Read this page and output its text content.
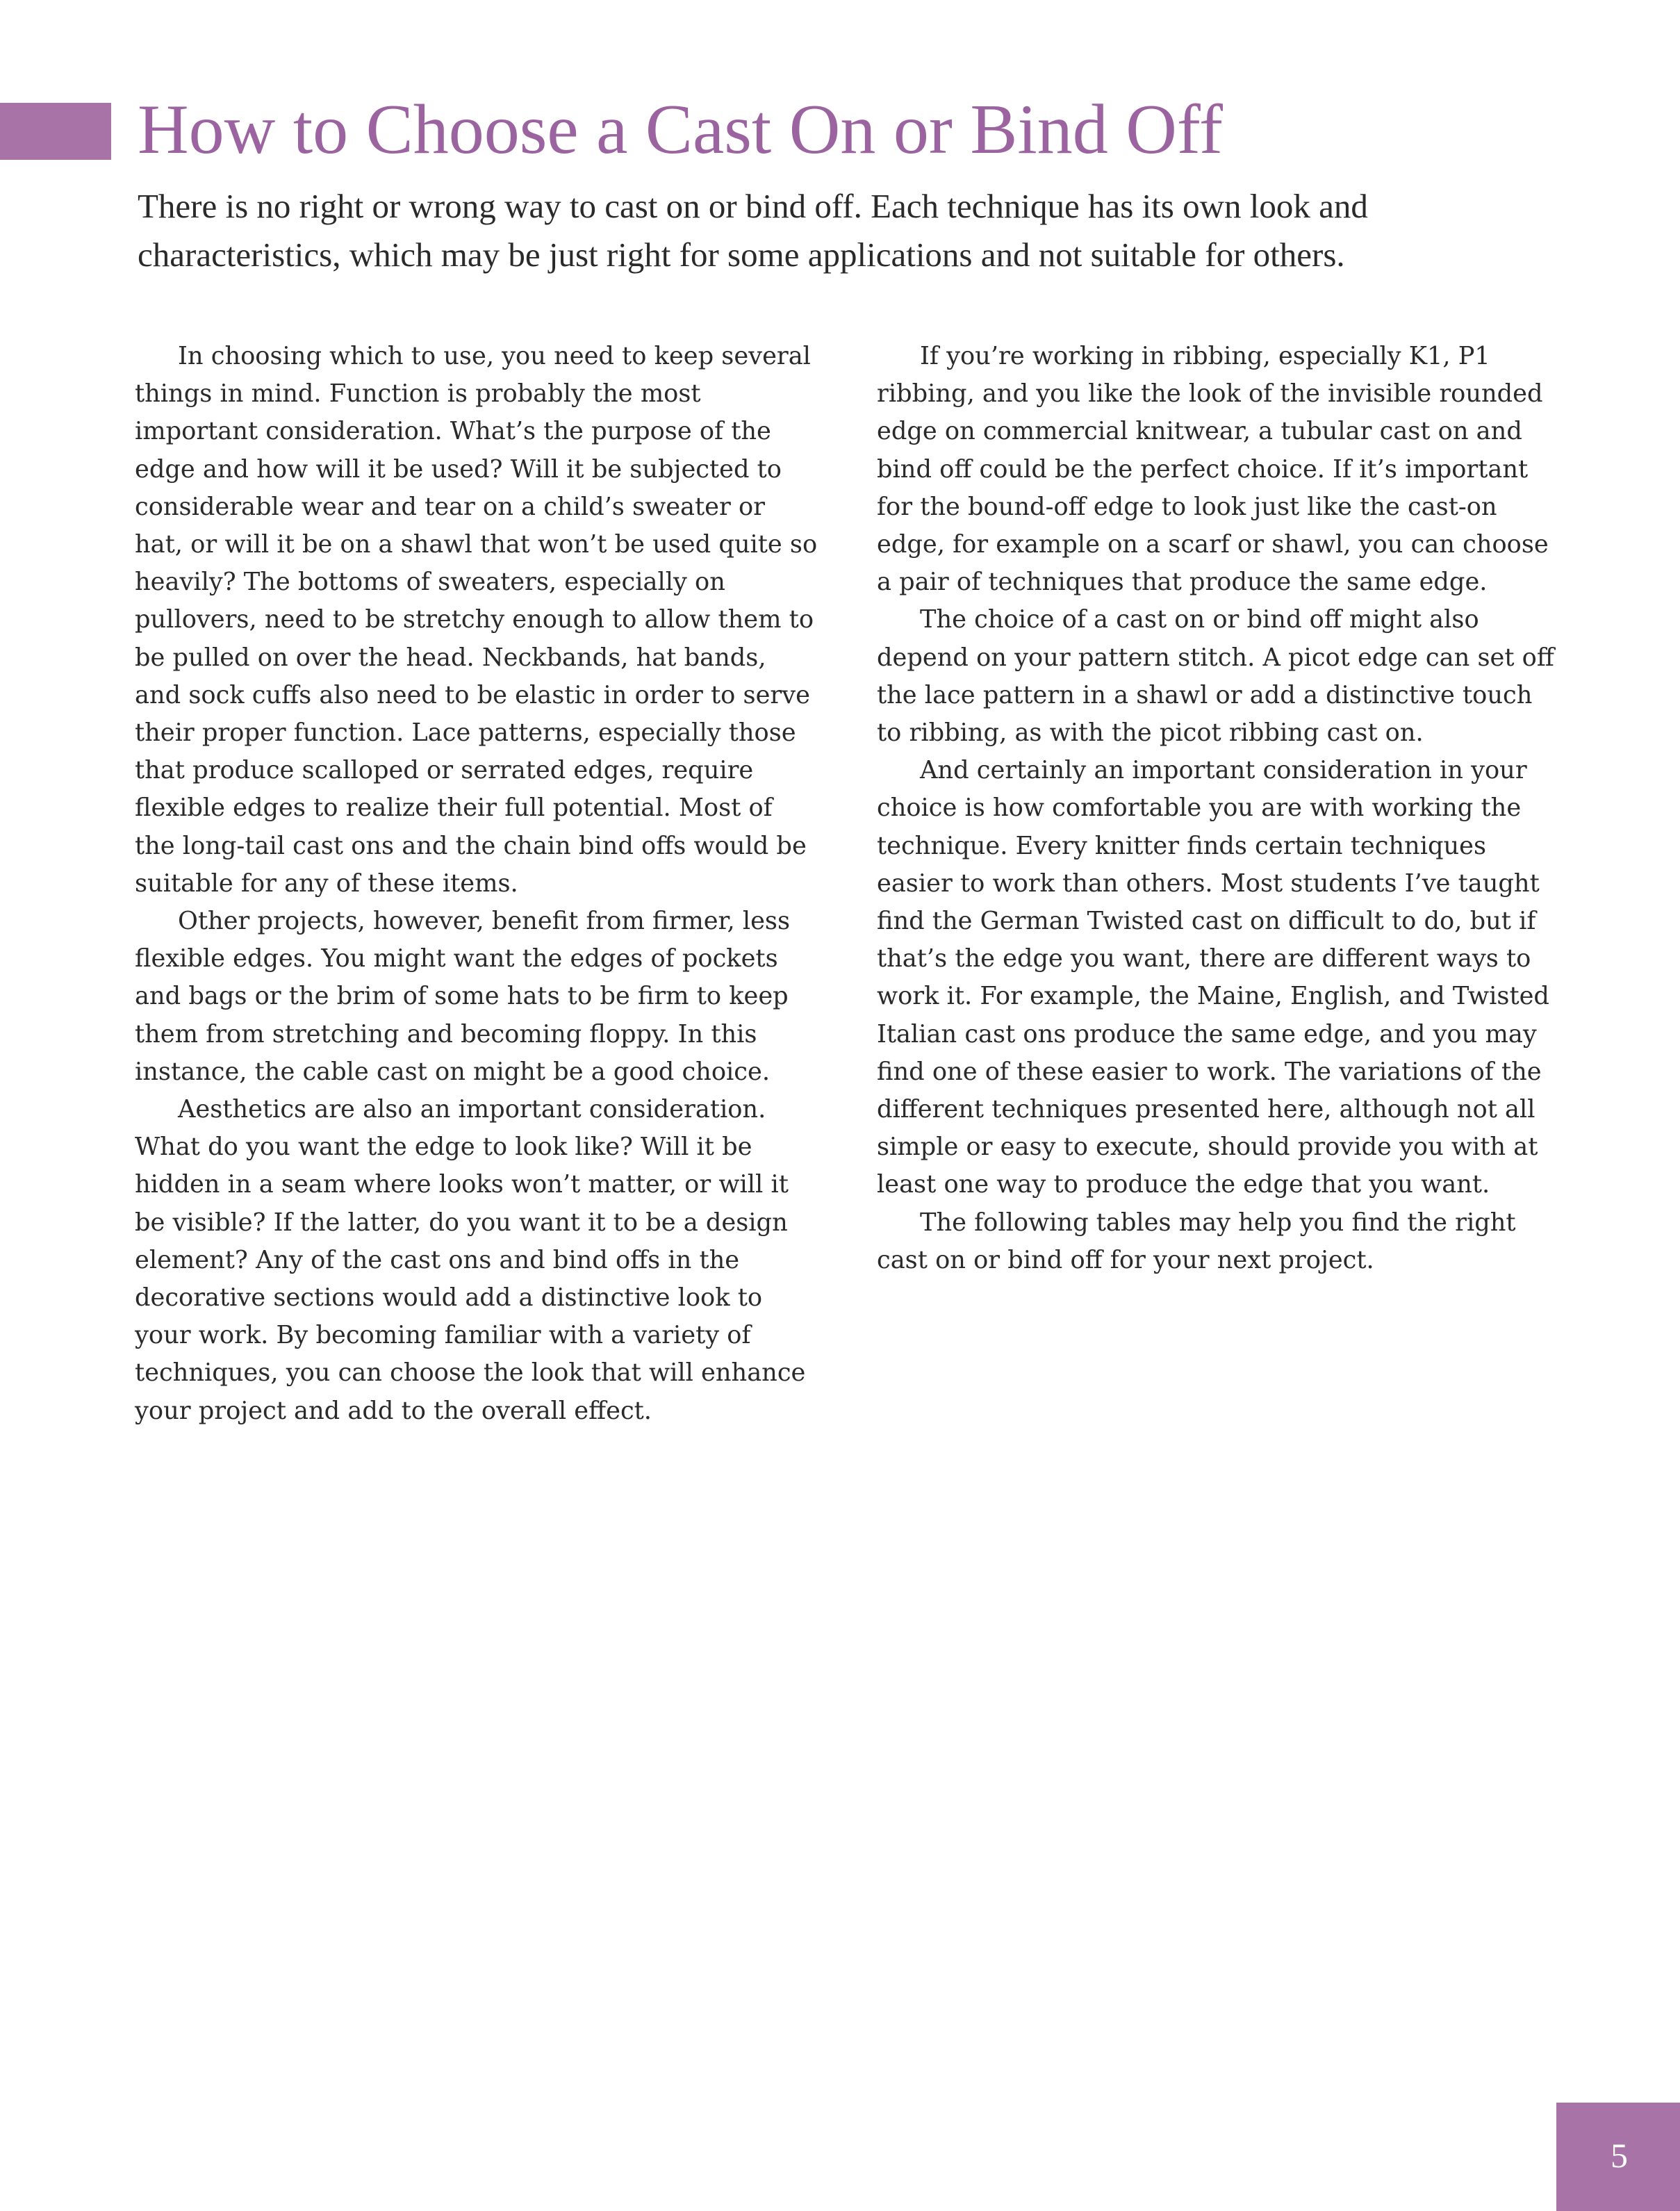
How to Choose a Cast On or Bind Off

There is no right or wrong way to cast on or bind off. Each technique has its own look and characteristics, which may be just right for some applications and not suitable for others.

In choosing which to use, you need to keep several things in mind. Function is probably the most important consideration. What’s the purpose of the edge and how will it be used? Will it be subjected to considerable wear and tear on a child’s sweater or hat, or will it be on a shawl that won’t be used quite so heavily? The bottoms of sweaters, especially on pullovers, need to be stretchy enough to allow them to be pulled on over the head. Neckbands, hat bands, and sock cuffs also need to be elastic in order to serve their proper function. Lace patterns, especially those that produce scalloped or serrated edges, require flexible edges to realize their full potential. Most of the long-tail cast ons and the chain bind offs would be suitable for any of these items.

Other projects, however, benefit from firmer, less flexible edges. You might want the edges of pockets and bags or the brim of some hats to be firm to keep them from stretching and becoming floppy. In this instance, the cable cast on might be a good choice.

Aesthetics are also an important consideration. What do you want the edge to look like? Will it be hidden in a seam where looks won’t matter, or will it be visible? If the latter, do you want it to be a design element? Any of the cast ons and bind offs in the decorative sections would add a distinctive look to your work. By becoming familiar with a variety of techniques, you can choose the look that will enhance your project and add to the overall effect.

If you’re working in ribbing, especially K1, P1 ribbing, and you like the look of the invisible rounded edge on commercial knitwear, a tubular cast on and bind off could be the perfect choice. If it’s important for the bound-off edge to look just like the cast-on edge, for example on a scarf or shawl, you can choose a pair of techniques that produce the same edge.

The choice of a cast on or bind off might also depend on your pattern stitch. A picot edge can set off the lace pattern in a shawl or add a distinctive touch to ribbing, as with the picot ribbing cast on.

And certainly an important consideration in your choice is how comfortable you are with working the technique. Every knitter finds certain techniques easier to work than others. Most students I’ve taught find the German Twisted cast on difficult to do, but if that’s the edge you want, there are different ways to work it. For example, the Maine, English, and Twisted Italian cast ons produce the same edge, and you may find one of these easier to work. The variations of the different techniques presented here, although not all simple or easy to execute, should provide you with at least one way to produce the edge that you want.

The following tables may help you find the right cast on or bind off for your next project.

5
